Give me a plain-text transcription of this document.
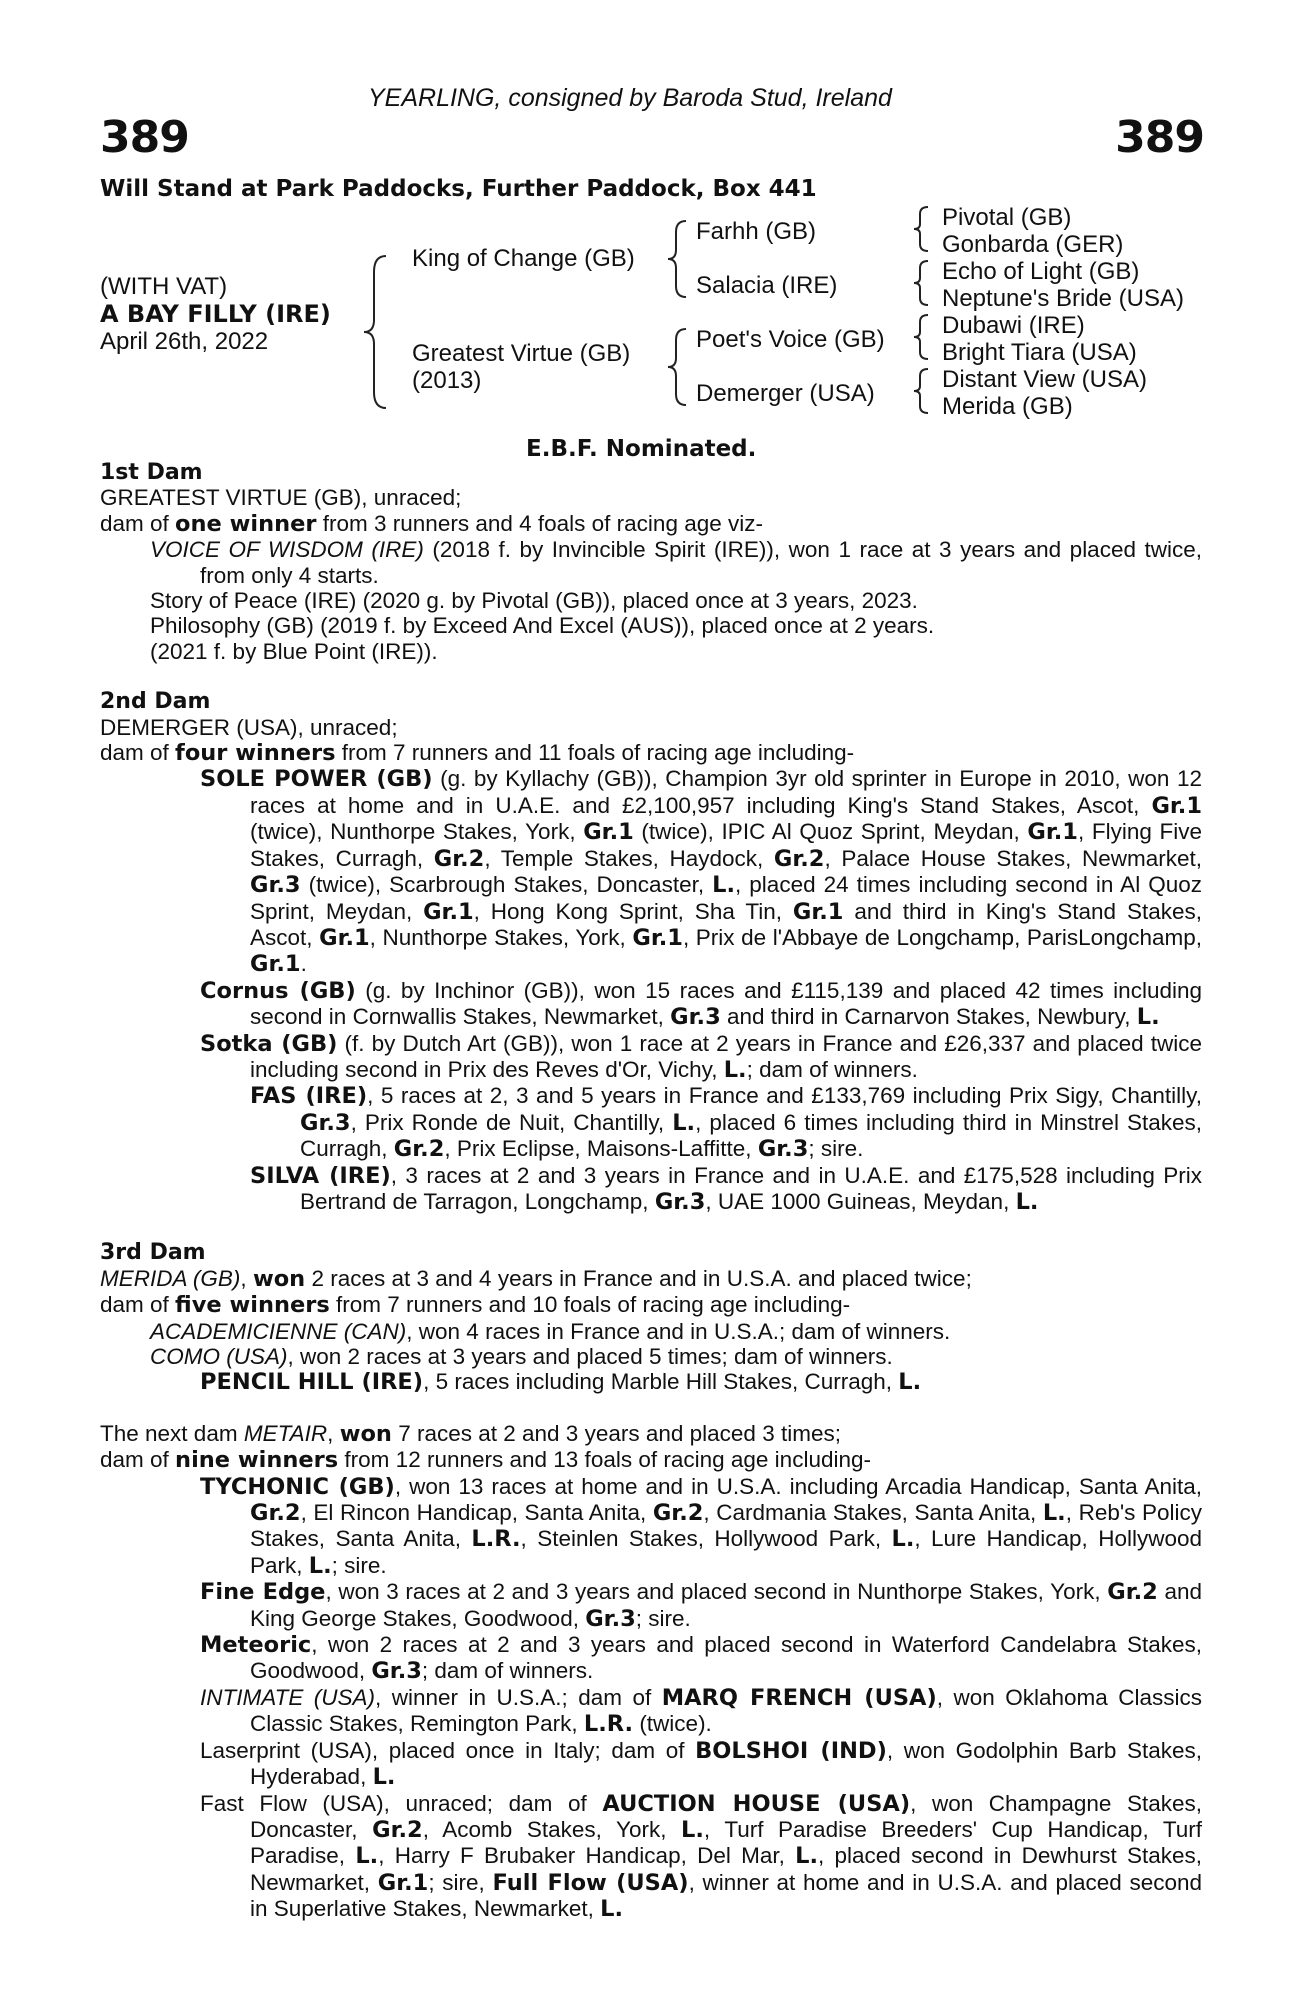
YEARLING, consigned by Baroda Stud, Ireland
389	389
Will Stand at Park Paddocks, Further Paddock, Box 441
(WITH VAT)
A BAY FILLY (IRE)
April 26th, 2022
King of Change (GB)
Greatest Virtue (GB)
(2013)
Farhh (GB)
Salacia (IRE)
Poet's Voice (GB)
Demerger (USA)
Pivotal (GB)
Gonbarda (GER)
Echo of Light (GB)
Neptune's Bride (USA)
Dubawi (IRE)
Bright Tiara (USA)
Distant View (USA)
Merida (GB)
E.B.F. Nominated.

1st Dam

GREATEST VIRTUE (GB), unraced;

dam of one winner from 3 runners and 4 foals of racing age viz-

VOICE OF WISDOM (IRE) (2018 f. by Invincible Spirit (IRE)), won 1 race at 3 years and placed twice, from only 4 starts.

Story of Peace (IRE) (2020 g. by Pivotal (GB)), placed once at 3 years, 2023.

Philosophy (GB) (2019 f. by Exceed And Excel (AUS)), placed once at 2 years.

(2021 f. by Blue Point (IRE)).

2nd Dam

DEMERGER (USA), unraced;

dam of four winners from 7 runners and 11 foals of racing age including-

SOLE POWER (GB) (g. by Kyllachy (GB)), Champion 3yr old sprinter in Europe in 2010, won 12 races at home and in U.A.E. and £2,100,957 including King's Stand Stakes, Ascot, Gr.1 (twice), Nunthorpe Stakes, York, Gr.1 (twice), IPIC Al Quoz Sprint, Meydan, Gr.1, Flying Five Stakes, Curragh, Gr.2, Temple Stakes, Haydock, Gr.2, Palace House Stakes, Newmarket, Gr.3 (twice), Scarbrough Stakes, Doncaster, L., placed 24 times including second in Al Quoz Sprint, Meydan, Gr.1, Hong Kong Sprint, Sha Tin, Gr.1 and third in King's Stand Stakes, Ascot, Gr.1, Nunthorpe Stakes, York, Gr.1, Prix de l'Abbaye de Longchamp, ParisLongchamp, Gr.1.

Cornus (GB) (g. by Inchinor (GB)), won 15 races and £115,139 and placed 42 times including second in Cornwallis Stakes, Newmarket, Gr.3 and third in Carnarvon Stakes, Newbury, L.

Sotka (GB) (f. by Dutch Art (GB)), won 1 race at 2 years in France and £26,337 and placed twice including second in Prix des Reves d'Or, Vichy, L.; dam of winners.

FAS (IRE), 5 races at 2, 3 and 5 years in France and £133,769 including Prix Sigy, Chantilly, Gr.3, Prix Ronde de Nuit, Chantilly, L., placed 6 times including third in Minstrel Stakes, Curragh, Gr.2, Prix Eclipse, Maisons-Laffitte, Gr.3; sire.

SILVA (IRE), 3 races at 2 and 3 years in France and in U.A.E. and £175,528 including Prix Bertrand de Tarragon, Longchamp, Gr.3, UAE 1000 Guineas, Meydan, L.

3rd Dam

MERIDA (GB), won 2 races at 3 and 4 years in France and in U.S.A. and placed twice;

dam of five winners from 7 runners and 10 foals of racing age including-

ACADEMICIENNE (CAN), won 4 races in France and in U.S.A.; dam of winners.

COMO (USA), won 2 races at 3 years and placed 5 times; dam of winners.

PENCIL HILL (IRE), 5 races including Marble Hill Stakes, Curragh, L.

The next dam METAIR, won 7 races at 2 and 3 years and placed 3 times;

dam of nine winners from 12 runners and 13 foals of racing age including-

TYCHONIC (GB), won 13 races at home and in U.S.A. including Arcadia Handicap, Santa Anita, Gr.2, El Rincon Handicap, Santa Anita, Gr.2, Cardmania Stakes, Santa Anita, L., Reb's Policy Stakes, Santa Anita, L.R., Steinlen Stakes, Hollywood Park, L., Lure Handicap, Hollywood Park, L.; sire.

Fine Edge, won 3 races at 2 and 3 years and placed second in Nunthorpe Stakes, York, Gr.2 and King George Stakes, Goodwood, Gr.3; sire.

Meteoric, won 2 races at 2 and 3 years and placed second in Waterford Candelabra Stakes, Goodwood, Gr.3; dam of winners.

INTIMATE (USA), winner in U.S.A.; dam of MARQ FRENCH (USA), won Oklahoma Classics Classic Stakes, Remington Park, L.R. (twice).

Laserprint (USA), placed once in Italy; dam of BOLSHOI (IND), won Godolphin Barb Stakes, Hyderabad, L.

Fast Flow (USA), unraced; dam of AUCTION HOUSE (USA), won Champagne Stakes, Doncaster, Gr.2, Acomb Stakes, York, L., Turf Paradise Breeders' Cup Handicap, Turf Paradise, L., Harry F Brubaker Handicap, Del Mar, L., placed second in Dewhurst Stakes, Newmarket, Gr.1; sire, Full Flow (USA), winner at home and in U.S.A. and placed second in Superlative Stakes, Newmarket, L.
